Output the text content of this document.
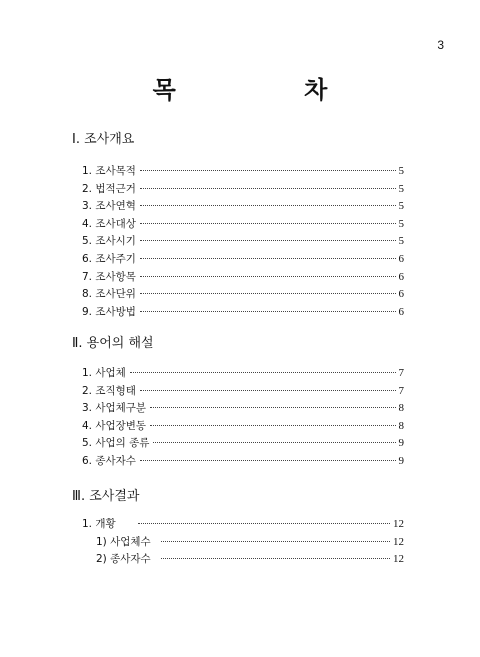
3
목 차
Ⅰ. 조사개요
1. 조사목적	5
2. 법적근거	5
3. 조사연혁	5
4. 조사대상	5
5. 조사시기	5
6. 조사주기	6
7. 조사항목	6
8. 조사단위	6
9. 조사방법	6
Ⅱ. 용어의 해설
1. 사업체	7
2. 조직형태	7
3. 사업체구분	8
4. 사업장변동	8
5. 사업의 종류	9
6. 종사자수	9
Ⅲ. 조사결과
1. 개황	12
1) 사업체수	12
2) 종사자수	12
